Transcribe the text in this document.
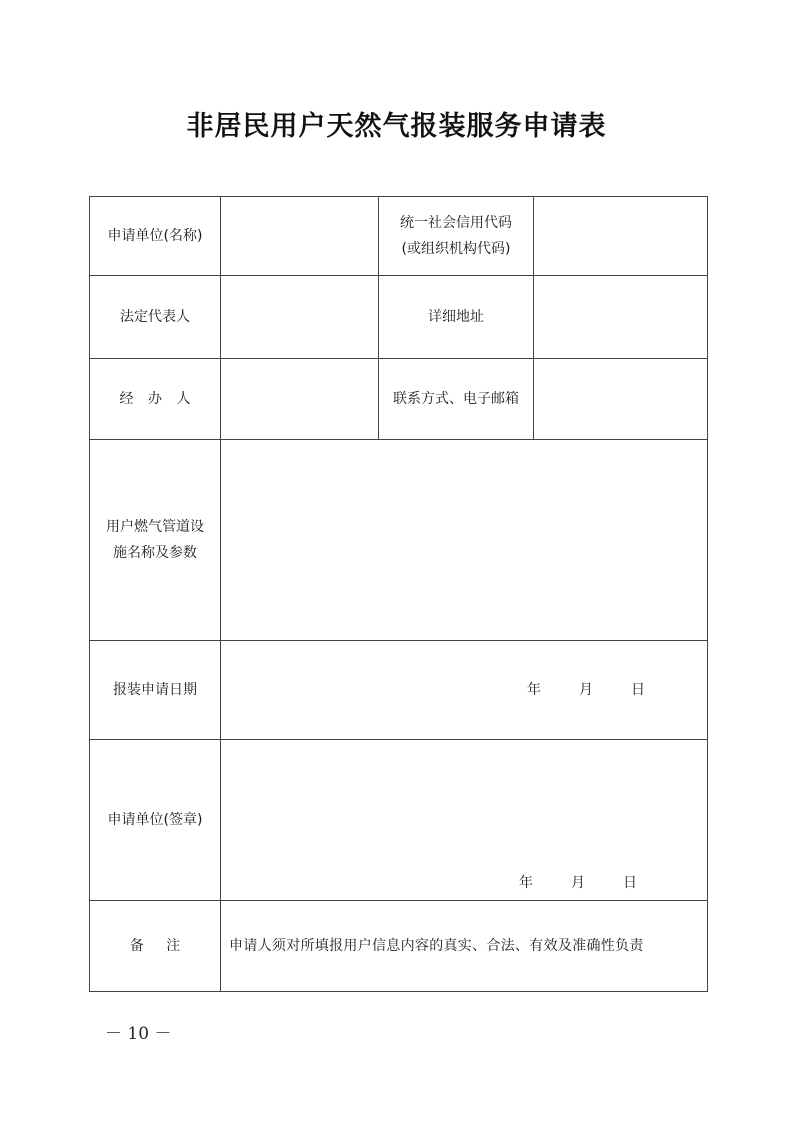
非居民用户天然气报装服务申请表
申请单位(名称)		统一社会信用代码
(或组织机构代码)	

法定代表人		详细地址	
经 办 人		联系方式、电子邮箱	

用户燃气管道设
施名称及参数			

报装申请日期	年 月 日		

申请单位(签章)	年 月 日		

备 注	申请人须对所填报用户信息内容的真实、合法、有效及准确性负责		
－ 10 －
